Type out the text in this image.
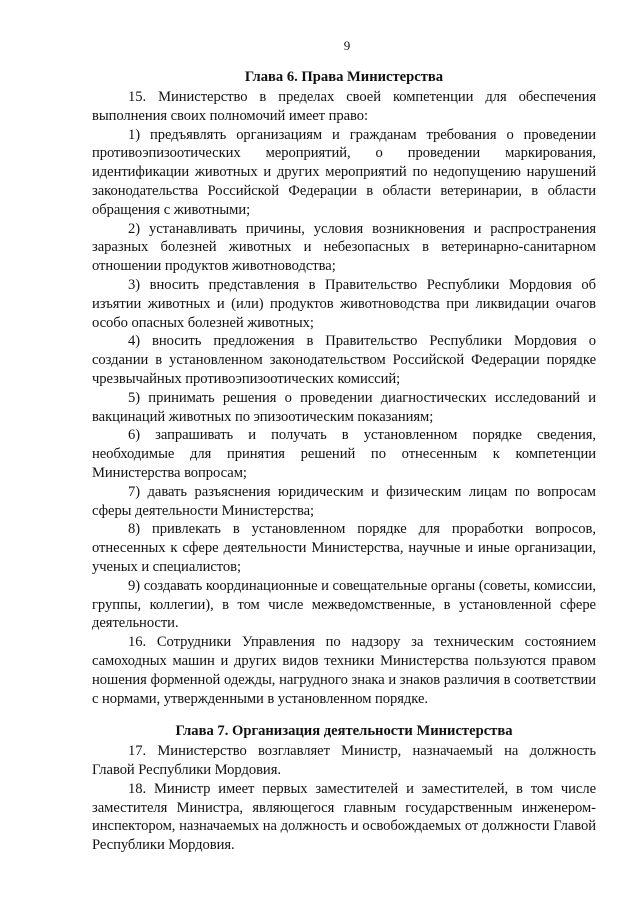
9
Глава 6. Права Министерства

15. Министерство в пределах своей компетенции для обеспечения выполнения своих полномочий имеет право:

1) предъявлять организациям и гражданам требования о проведении противоэпизоотических мероприятий, о проведении маркирования, идентификации животных и других мероприятий по недопущению нарушений законодательства Российской Федерации в области ветеринарии, в области обращения с животными;

2) устанавливать причины, условия возникновения и распространения заразных болезней животных и небезопасных в ветеринарно-санитарном отношении продуктов животноводства;

3) вносить представления в Правительство Республики Мордовия об изъятии животных и (или) продуктов животноводства при ликвидации очагов особо опасных болезней животных;

4) вносить предложения в Правительство Республики Мордовия о создании в установленном законодательством Российской Федерации порядке чрезвычайных противоэпизоотических комиссий;

5) принимать решения о проведении диагностических исследований и вакцинаций животных по эпизоотическим показаниям;

6) запрашивать и получать в установленном порядке сведения, необходимые для принятия решений по отнесенным к компетенции Министерства вопросам;

7) давать разъяснения юридическим и физическим лицам по вопросам сферы деятельности Министерства;

8) привлекать в установленном порядке для проработки вопросов, отнесенных к сфере деятельности Министерства, научные и иные организации, ученых и специалистов;

9) создавать координационные и совещательные органы (советы, комиссии, группы, коллегии), в том числе межведомственные, в установленной сфере деятельности.

16. Сотрудники Управления по надзору за техническим состоянием самоходных машин и других видов техники Министерства пользуются правом ношения форменной одежды, нагрудного знака и знаков различия в соответствии с нормами, утвержденными в установленном порядке.

Глава 7. Организация деятельности Министерства

17. Министерство возглавляет Министр, назначаемый на должность Главой Республики Мордовия.

18. Министр имеет первых заместителей и заместителей, в том числе заместителя Министра, являющегося главным государственным инженером-инспектором, назначаемых на должность и освобождаемых от должности Главой Республики Мордовия.
